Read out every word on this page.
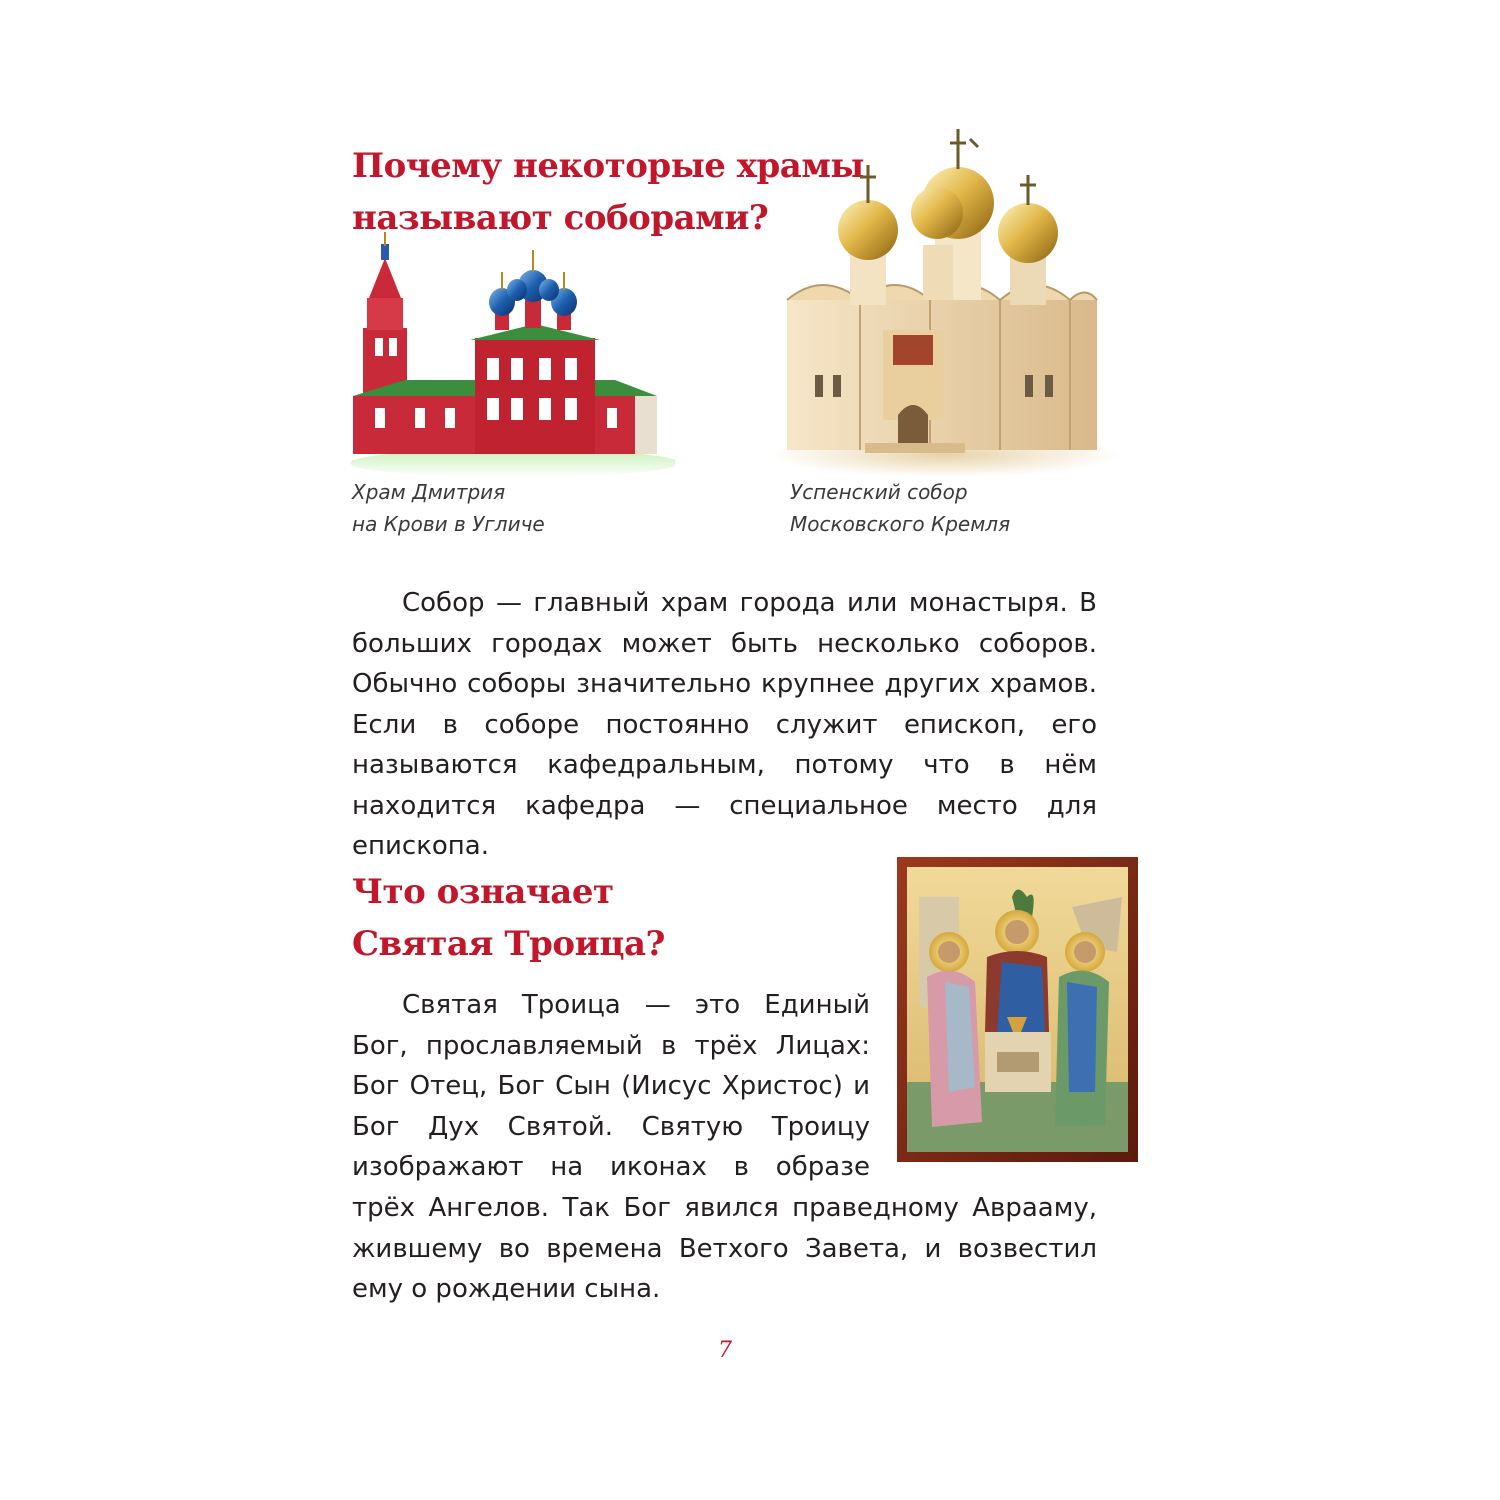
Почему некоторые храмы
называют соборами?
Храм Дмитрия
на Крови в Угличе
Успенский собор
Московского Кремля

Собор — главный храм города или монастыря. В больших городах может быть несколько соборов. Обычно соборы значительно крупнее других храмов. Если в соборе постоянно служит епископ, его называются кафедральным, потому что в нём находится кафедра — специальное место для епископа.

Что означает
Святая Троица?

Святая Троица — это Единый Бог, прославляемый в трёх Лицах: Бог Отец, Бог Сын (Иисус Христос) и Бог Дух Святой. Святую Троицу изображают на иконах в образе

трёх Ангелов. Так Бог явился праведному Аврааму, жившему во времена Ветхого Завета, и возвестил ему о рождении сына.

7
